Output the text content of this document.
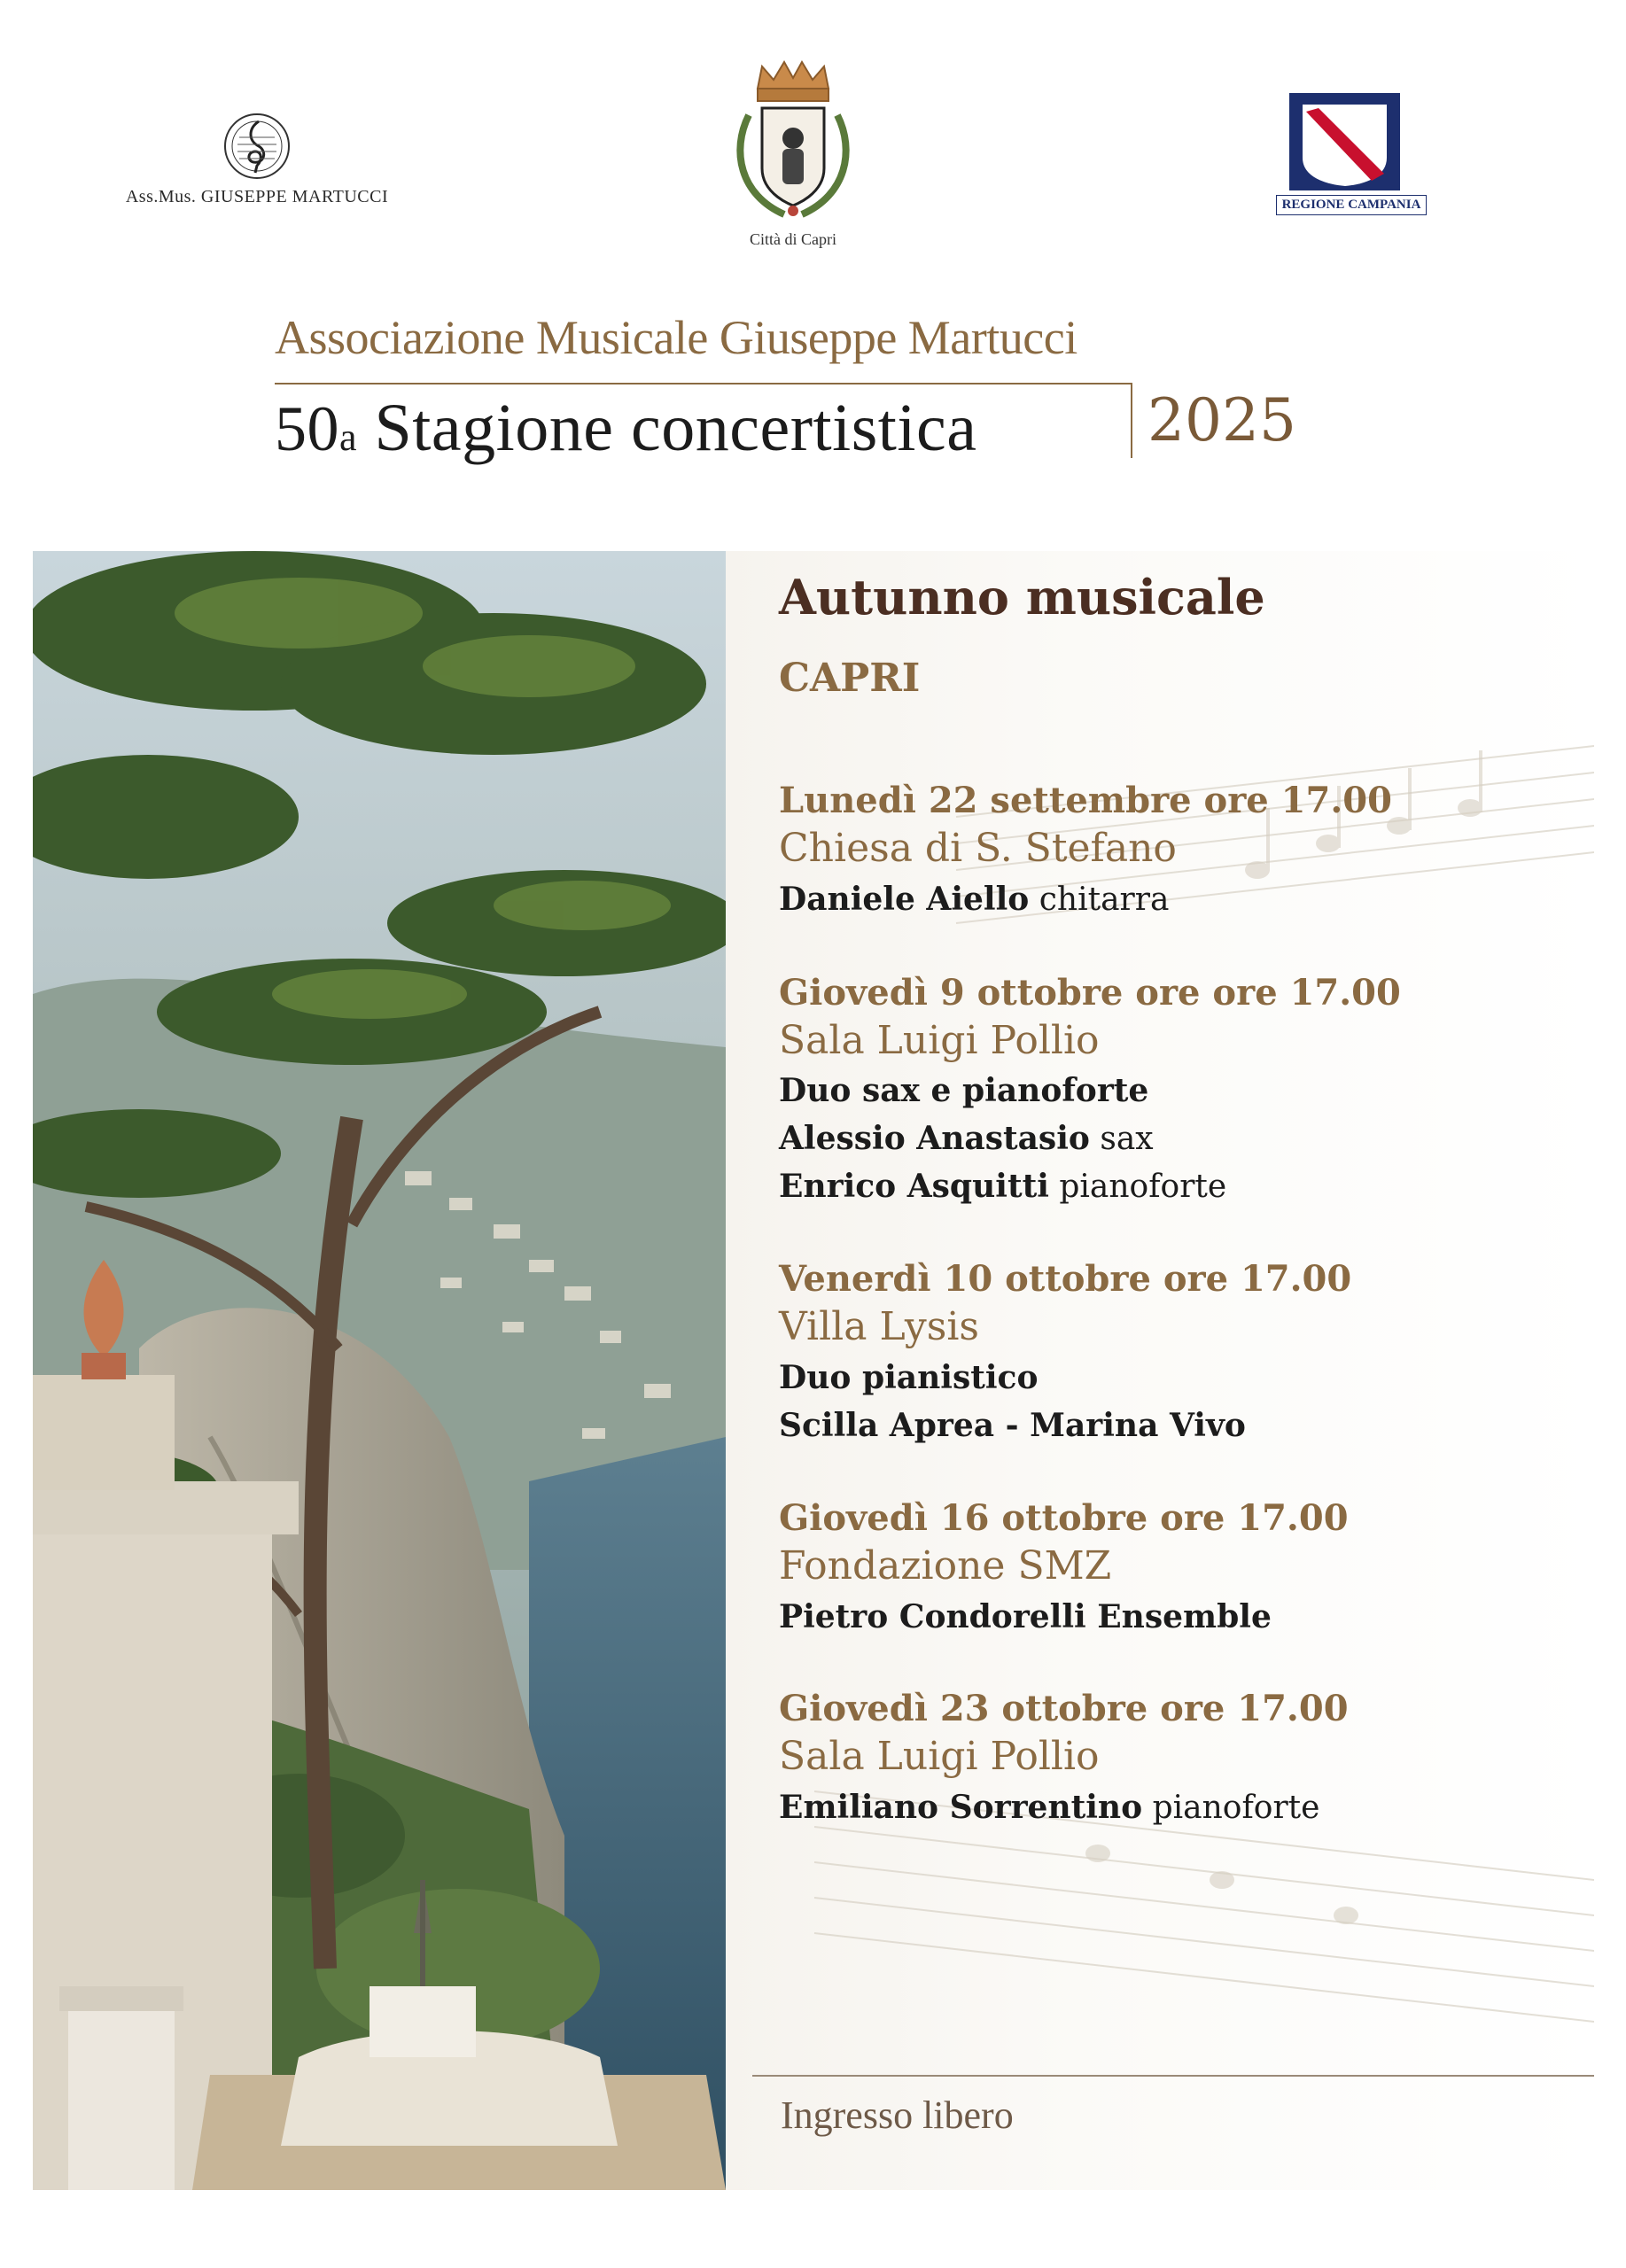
Ass.Mus. GIUSEPPE MARTUCCI
Città di Capri
REGIONE CAMPANIA
Associazione Musicale Giuseppe Martucci
50a Stagione concertistica	2025
Autunno musicale
CAPRI
Lunedì 22 settembre ore 17.00
Chiesa di S. Stefano
Daniele Aiello chitarra
Giovedì 9 ottobre ore ore 17.00
Sala Luigi Pollio
Duo sax e pianoforte
Alessio Anastasio sax
Enrico Asquitti pianoforte
Venerdì 10 ottobre ore 17.00
Villa Lysis
Duo pianistico
Scilla Aprea - Marina Vivo
Giovedì 16 ottobre ore 17.00
Fondazione SMZ
Pietro Condorelli Ensemble
Giovedì 23 ottobre ore 17.00
Sala Luigi Pollio
Emiliano Sorrentino pianoforte
Ingresso libero
